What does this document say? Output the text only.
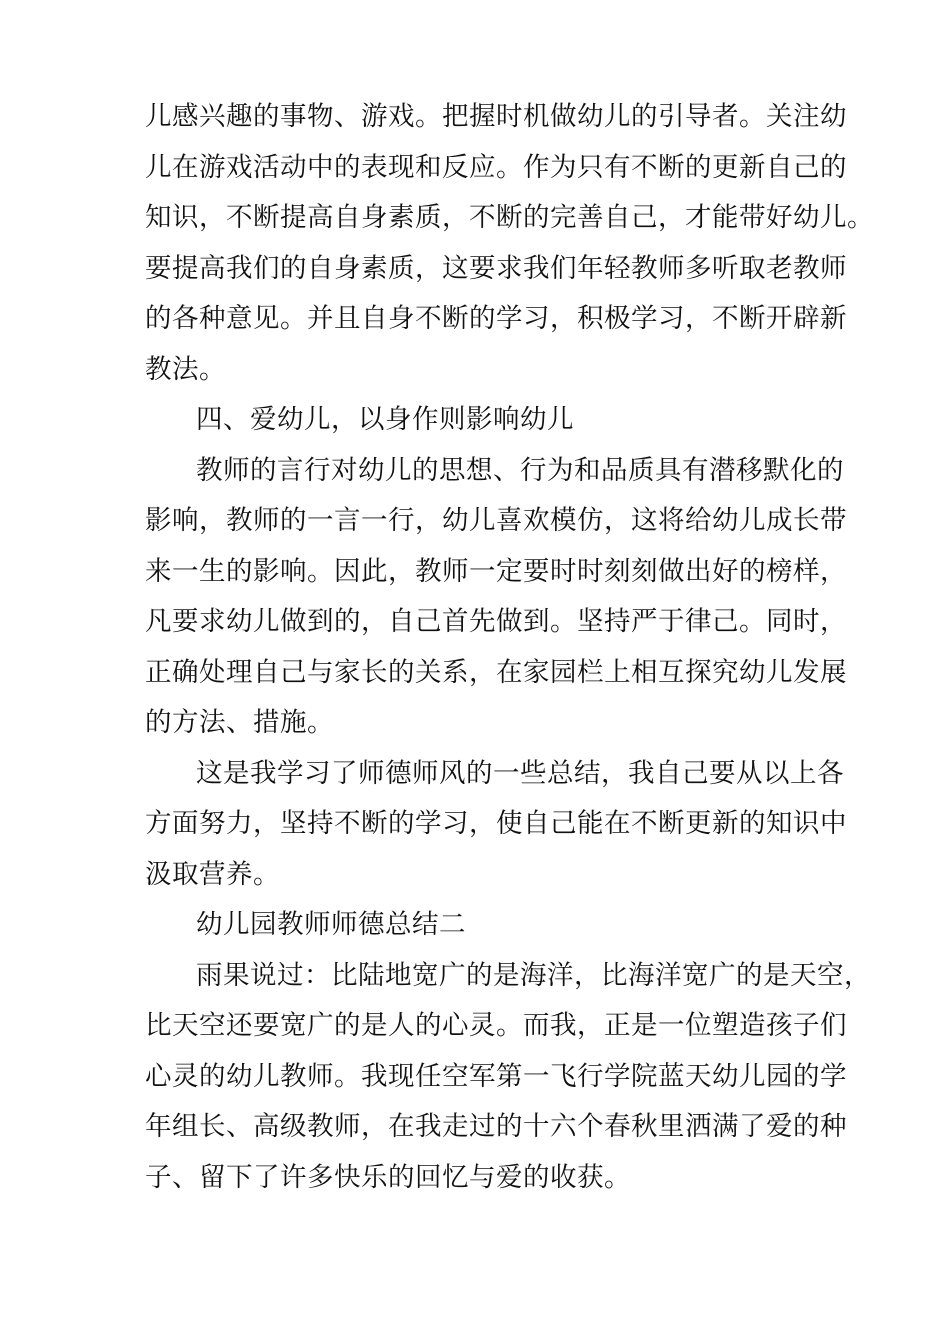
儿感兴趣的事物、游戏。把握时机做幼儿的引导者。关注幼
儿在游戏活动中的表现和反应。作为只有不断的更新自己的
知识，不断提高自身素质，不断的完善自己，才能带好幼儿。
要提高我们的自身素质，这要求我们年轻教师多听取老教师
的各种意见。并且自身不断的学习，积极学习，不断开辟新
教法。
四、爱幼儿，以身作则影响幼儿
教师的言行对幼儿的思想、行为和品质具有潜移默化的
影响，教师的一言一行，幼儿喜欢模仿，这将给幼儿成长带
来一生的影响。因此，教师一定要时时刻刻做出好的榜样，
凡要求幼儿做到的，自己首先做到。坚持严于律己。同时，
正确处理自己与家长的关系，在家园栏上相互探究幼儿发展
的方法、措施。
这是我学习了师德师风的一些总结，我自己要从以上各
方面努力，坚持不断的学习，使自己能在不断更新的知识中
汲取营养。
幼儿园教师师德总结二
雨果说过：比陆地宽广的是海洋，比海洋宽广的是天空，
比天空还要宽广的是人的心灵。而我，正是一位塑造孩子们
心灵的幼儿教师。我现任空军第一飞行学院蓝天幼儿园的学
年组长、高级教师，在我走过的十六个春秋里洒满了爱的种
子、留下了许多快乐的回忆与爱的收获。
